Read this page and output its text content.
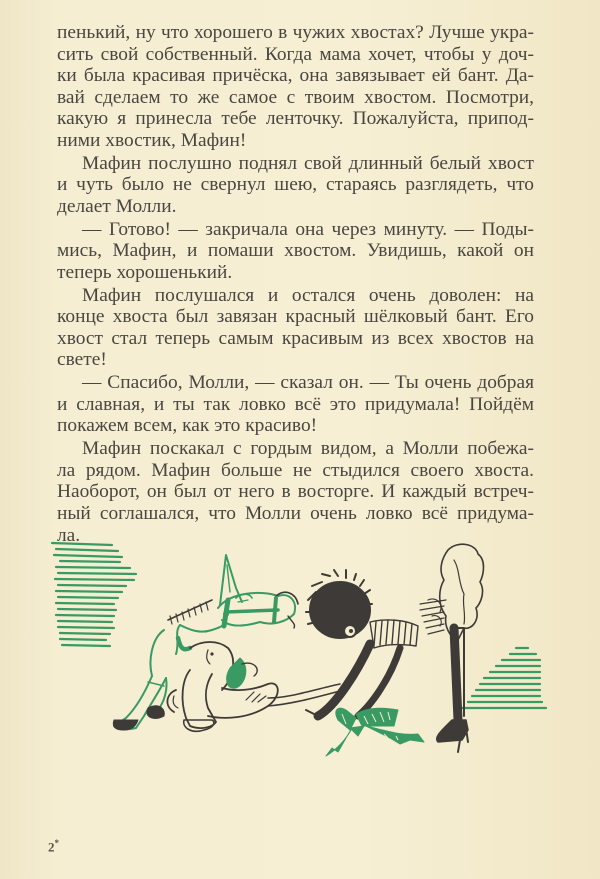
пенький, ну что хорошего в чужих хвостах? Лучше укра-
сить свой собственный. Когда мама хочет, чтобы у доч-
ки была красивая причёска, она завязывает ей бант. Да-
вай сделаем то же самое с твоим хвостом. Посмотри,
какую я принесла тебе ленточку. Пожалуйста, припод-
ними хвостик, Мафин!

Мафин послушно поднял свой длинный белый хвост
и чуть было не свернул шею, стараясь разглядеть, что
делает Молли.

— Готово! — закричала она через минуту. — Поды-
мись, Мафин, и помаши хвостом. Увидишь, какой он
теперь хорошенький.

Мафин послушался и остался очень доволен: на
конце хвоста был завязан красный шёлковый бант. Его
хвост стал теперь самым красивым из всех хвостов на
свете!

— Спасибо, Молли, — сказал он. — Ты очень добрая
и славная, и ты так ловко всё это придумала! Пойдём
покажем всем, как это красиво!

Мафин поскакал с гордым видом, а Молли побежа-
ла рядом. Мафин больше не стыдился своего хвоста.
Наоборот, он был от него в восторге. И каждый встреч-
ный соглашался, что Молли очень ловко всё придума-
ла.

2*
